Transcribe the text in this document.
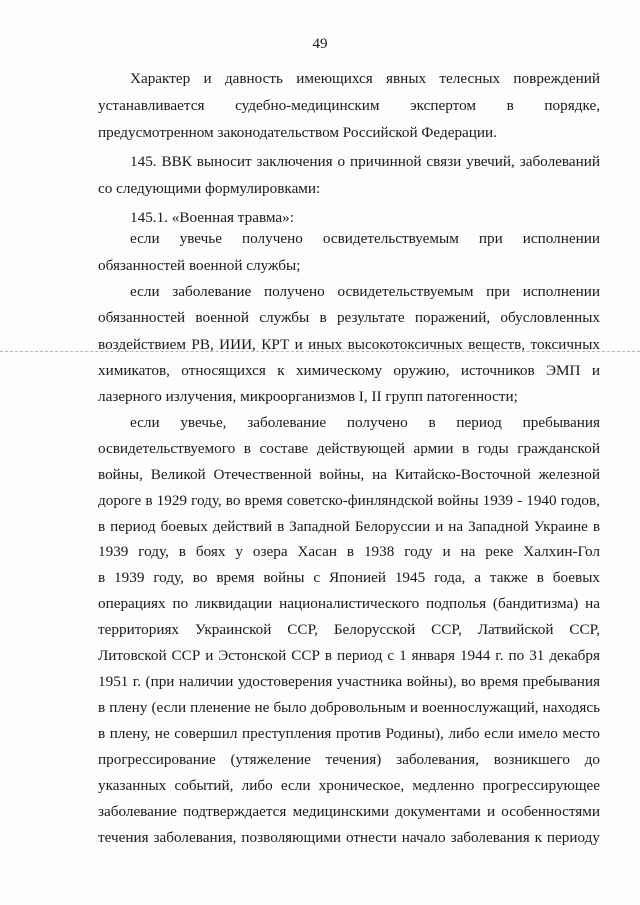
49
Характер и давность имеющихся явных телесных повреждений
устанавливается судебно-медицинским экспертом в порядке,
предусмотренном законодательством Российской Федерации.
145. ВВК выносит заключения о причинной связи увечий, заболеваний
со следующими формулировками:
145.1. «Военная травма»:
если увечье получено освидетельствуемым при исполнении
обязанностей военной службы;
если заболевание получено освидетельствуемым при исполнении
обязанностей военной службы в результате поражений, обусловленных
воздействием РВ, ИИИ, КРТ и иных высокотоксичных веществ, токсичных
химикатов, относящихся к химическому оружию, источников ЭМП и
лазерного излучения, микроорганизмов I, II групп патогенности;
если увечье, заболевание получено в период пребывания
освидетельствуемого в составе действующей армии в годы гражданской
войны, Великой Отечественной войны, на Китайско-Восточной железной
дороге в 1929 году, во время советско-финляндской войны 1939 - 1940 годов,
в период боевых действий в Западной Белоруссии и на Западной Украине в
1939 году, в боях у озера Хасан в 1938 году и на реке Халхин-Гол
в 1939 году, во время войны с Японией 1945 года, а также в боевых
операциях по ликвидации националистического подполья (бандитизма) на
территориях Украинской ССР, Белорусской ССР, Латвийской ССР,
Литовской ССР и Эстонской ССР в период с 1 января 1944 г. по 31 декабря
1951 г. (при наличии удостоверения участника войны), во время пребывания
в плену (если пленение не было добровольным и военнослужащий, находясь
в плену, не совершил преступления против Родины), либо если имело место
прогрессирование (утяжеление течения) заболевания, возникшего до
указанных событий, либо если хроническое, медленно прогрессирующее
заболевание подтверждается медицинскими документами и особенностями
течения заболевания, позволяющими отнести начало заболевания к периоду
